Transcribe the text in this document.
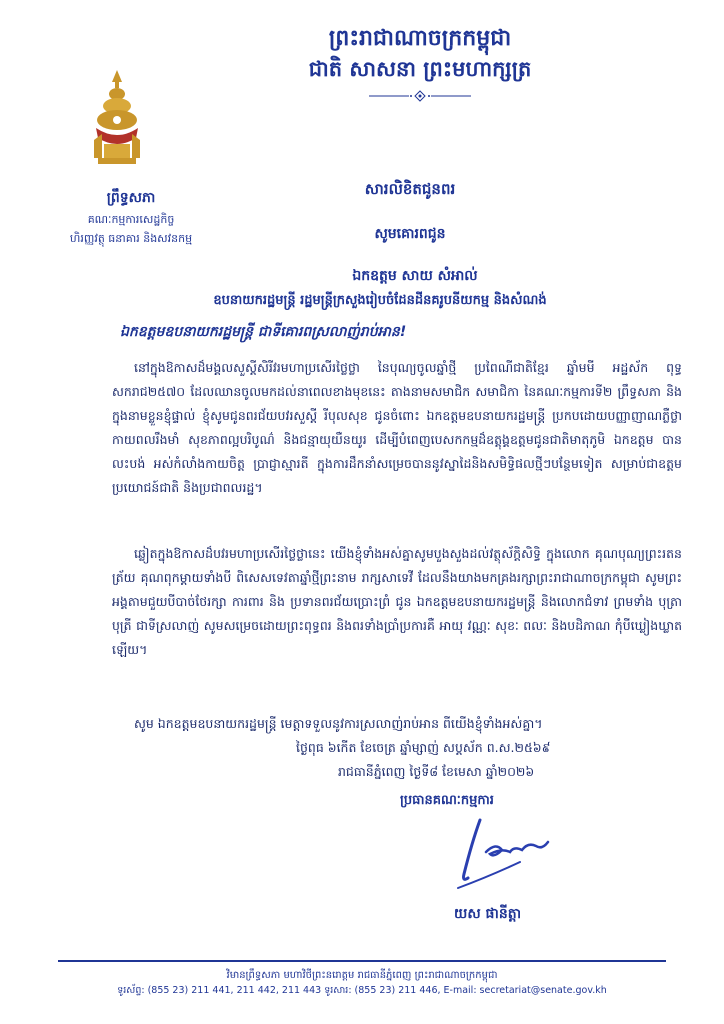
ព្រះរាជាណាចក្រកម្ពុជា
ជាតិ សាសនា ព្រះមហាក្សត្រ
ព្រឹទ្ធសភា
គណៈកម្មការសេដ្ឋកិច្ច
ហិរញ្ញវត្ថុ ធនាគារ និងសវនកម្ម
សារលិខិតជូនពរ
សូមគោរពជូន
ឯកឧត្តម សាយ សំអាល់
ឧបនាយករដ្ឋមន្ត្រី រដ្ឋមន្ត្រីក្រសួងរៀបចំដែនដីនគរូបនីយកម្ម និងសំណង់
ឯកឧត្តមឧបនាយករដ្ឋមន្ត្រី ជាទីគោរពស្រលាញ់រាប់អាន!
នៅក្នុងឱកាសដ៏មង្គលសួស្តីសិរីវរមហាប្រសើរថ្លៃថ្លា នៃបុណ្យចូលឆ្នាំថ្មី ប្រពៃណីជាតិខ្មែរ ឆ្នាំមមី អដ្ឋស័ក ពុទ្ធសករាជ២៥៧០ ដែលឈានចូលមកដល់នាពេលខាងមុខនេះ តាងនាមសមាជិក សមាជិកា នៃគណៈកម្មការទី២ ព្រឹទ្ធសភា និងក្នុងនាមខ្លួនខ្ញុំផ្ទាល់ ខ្ញុំសូមជូនពរជ័យបវរសួស្តី រីបុលសុខ ជូនចំពោះ ឯកឧត្តមឧបនាយករដ្ឋមន្ត្រី ប្រកបដោយបញ្ញាញាណភ្លឺថ្លា កាយពលរឹងមាំ សុខភាពល្អបរិបូណ៌ និងជន្មាយុយឺនយូរ ដើម្បីបំពេញបេសកកម្មដ៏ឧត្តុង្គឧត្តមជូនជាតិមាតុភូមិ ឯកឧត្តម បានលះបង់ អស់កំលាំងកាយចិត្ត ប្រាជ្ញាស្មារតី ក្នុងការដឹកនាំសម្រេចបាននូវស្នាដៃនិងសមិទ្ធិផលថ្មីៗបន្ថែមទៀត សម្រាប់ជាឧត្តមប្រយោជន៍ជាតិ និងប្រជាពលរដ្ឋ។
ឆ្លៀតក្នុងឱកាសដ៏បវរមហាប្រសើរថ្លៃថ្លានេះ យើងខ្ញុំទាំងអស់គ្នាសូមបួងសួងដល់វត្ថុស័ក្តិសិទ្ធិ ក្នុងលោក គុណបុណ្យព្រះរតនត្រ័យ គុណពុកម្តាយទាំងបី ពិសេសទេវតាឆ្នាំថ្មីព្រះនាម រាក្សសាទេវី ដែលនឹងយាងមកគ្រងរក្សាព្រះរាជាណាចក្រកម្ពុជា សូមព្រះអង្គតាមជួយបីបាច់ថែរក្សា ការពារ និង ប្រទានពរជ័យប្រោះព្រំ ជូន ឯកឧត្តមឧបនាយករដ្ឋមន្ត្រី និងលោកជំទាវ ព្រមទាំង បុត្រា បុត្រី ជាទីស្រលាញ់ សូមសម្រេចដោយព្រះពុទ្ធពរ និងពរទាំងប្រាំប្រការគឺ អាយុ វណ្ណៈ សុខៈ ពលៈ និងបដិភាណ កុំបីឃ្លៀងឃ្លាតឡើយ។
សូម ឯកឧត្តមឧបនាយករដ្ឋមន្ត្រី មេត្តាទទួលនូវការស្រលាញ់រាប់អាន ពីយើងខ្ញុំទាំងអស់គ្នា។
ថ្ងៃពុធ ៦កើត ខែចេត្រ ឆ្នាំម្សាញ់ សប្តស័ក ព.ស.២៥៦៩
រាជធានីភ្នំពេញ ថ្ងៃទី៨ ខែមេសា ឆ្នាំ២០២៦
ប្រធានគណៈកម្មការ
យស ផានីត្តា
វិមានព្រឹទ្ធសភា មហាវិថីព្រះនរោត្តម រាជធានីភ្នំពេញ ព្រះរាជាណាចក្រកម្ពុជា
ទូរស័ព្ទ: (855 23) 211 441, 211 442, 211 443 ទូរសារ: (855 23) 211 446, E-mail: secretariat@senate.gov.kh
